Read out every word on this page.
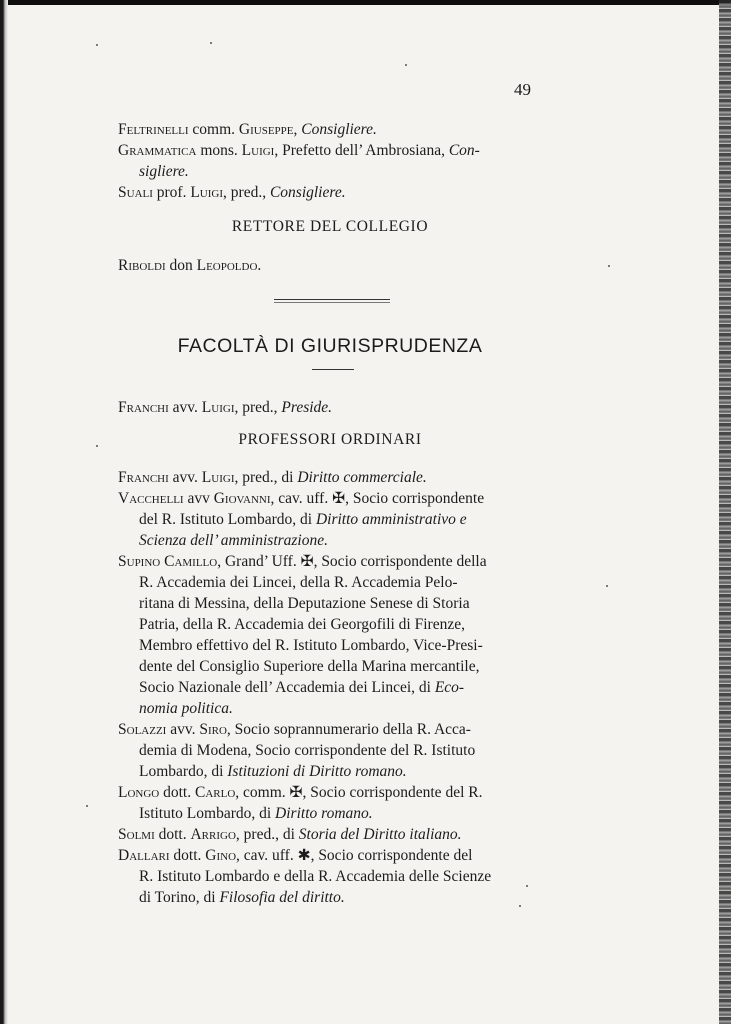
49
Feltrinelli comm. Giuseppe, Consigliere.
Grammatica mons. Luigi, Prefetto dell’ Ambrosiana, Con-
sigliere.
Suali prof. Luigi, pred., Consigliere.
RETTORE DEL COLLEGIO
Riboldi don Leopoldo.
FACOLTÀ DI GIURISPRUDENZA
Franchi avv. Luigi, pred., Preside.
PROFESSORI ORDINARI
Franchi avv. Luigi, pred., di Diritto commerciale.
Vacchelli avv Giovanni, cav. uff. ✠, Socio corrispondente
del R. Istituto Lombardo, di Diritto amministrativo e
Scienza dell’ amministrazione.
Supino Camillo, Grand’ Uff. ✠, Socio corrispondente della
R. Accademia dei Lincei, della R. Accademia Pelo-
ritana di Messina, della Deputazione Senese di Storia
Patria, della R. Accademia dei Georgofili di Firenze,
Membro effettivo del R. Istituto Lombardo, Vice-Presi-
dente del Consiglio Superiore della Marina mercantile,
Socio Nazionale dell’ Accademia dei Lincei, di Eco-
nomia politica.
Solazzi avv. Siro, Socio soprannumerario della R. Acca-
demia di Modena, Socio corrispondente del R. Istituto
Lombardo, di Istituzioni di Diritto romano.
Longo dott. Carlo, comm. ✠, Socio corrispondente del R.
Istituto Lombardo, di Diritto romano.
Solmi dott. Arrigo, pred., di Storia del Diritto italiano.
Dallari dott. Gino, cav. uff. ✱, Socio corrispondente del
R. Istituto Lombardo e della R. Accademia delle Scienze
di Torino, di Filosofia del diritto.
